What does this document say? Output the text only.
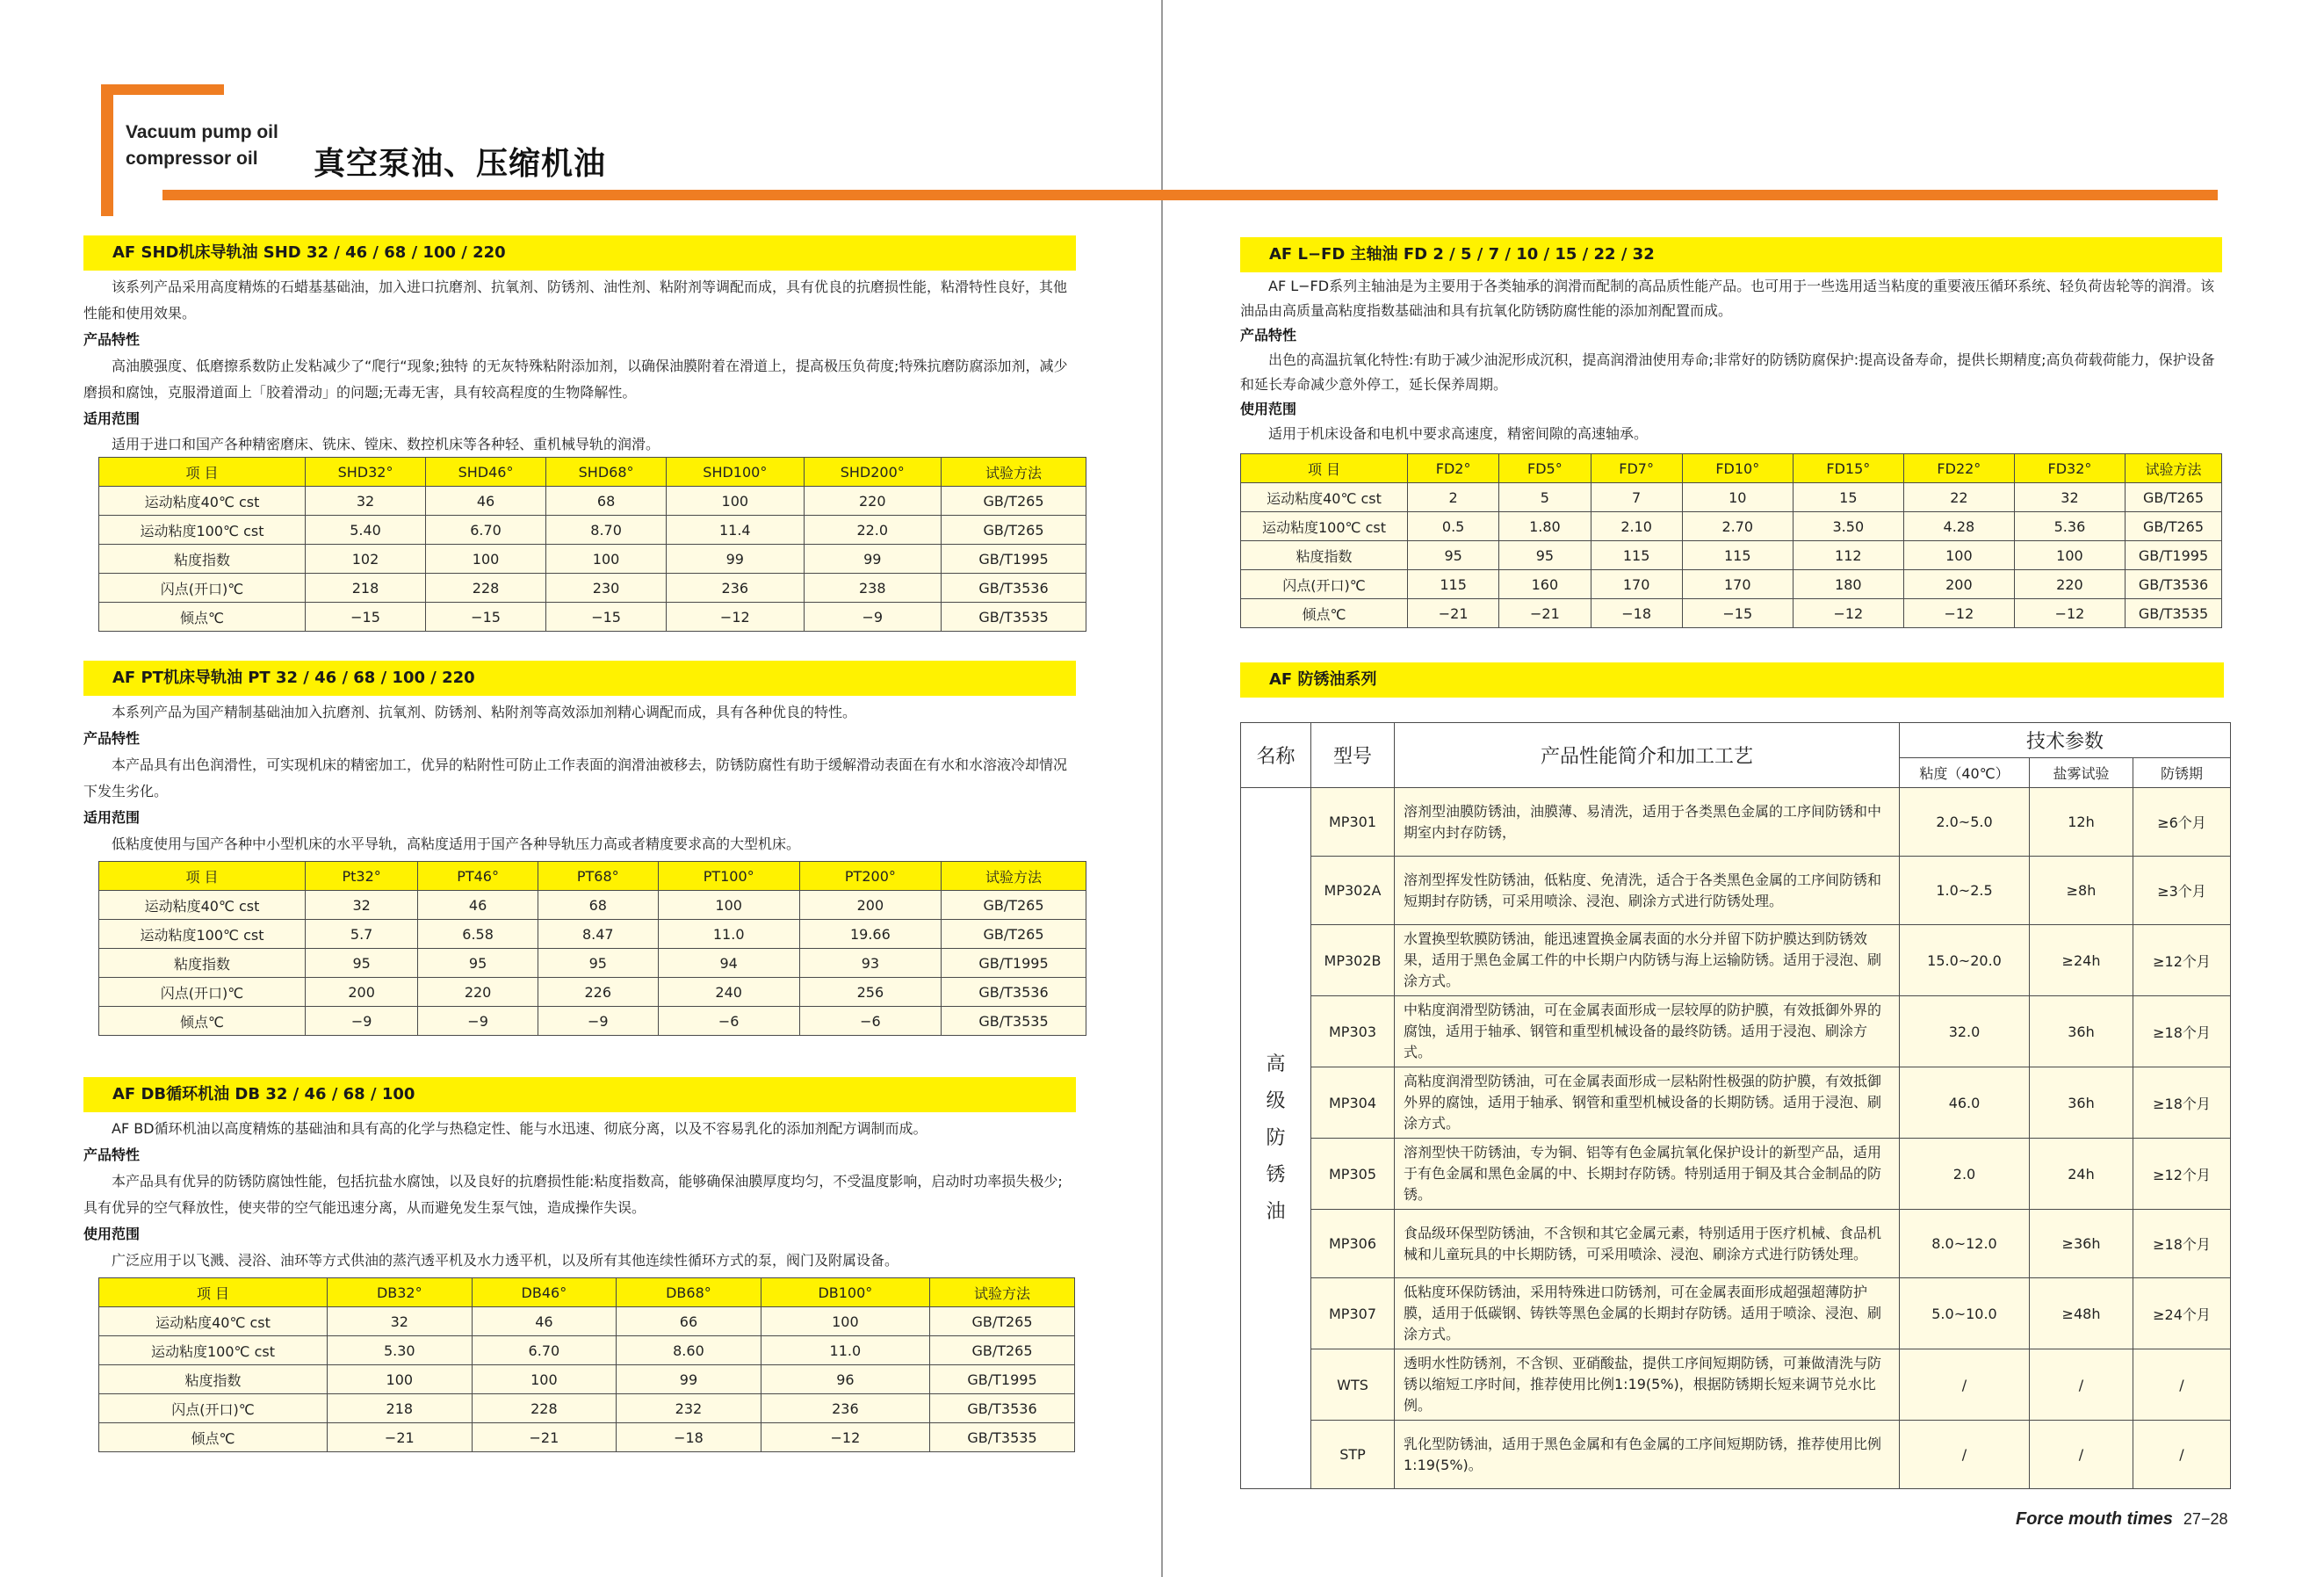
Vacuum pump oil
compressor oil	真空泵油、压缩机油
AF SHD机床导轨油 SHD 32 / 46 / 68 / 100 / 220

该系列产品采用高度精炼的石蜡基基础油，加入进口抗磨剂、抗氧剂、防锈剂、油性剂、粘附剂等调配而成，具有优良的抗磨损性能，粘滑特性良好，其他性能和使用效果。

产品特性

高油膜强度、低磨擦系数防止发粘减少了“爬行“现象;独特 的无灰特殊粘附添加剂，以确保油膜附着在滑道上，提高极压负荷度;特殊抗磨防腐添加剂，减少磨损和腐蚀，克服滑道面上「胶着滑动」的问题;无毒无害，具有较高程度的生物降解性。

适用范围

适用于进口和国产各种精密磨床、铣床、镗床、数控机床等各种轻、重机械导轨的润滑。

项 目	SHD32°	SHD46°	SHD68°	SHD100°	SHD200°	试验方法
运动粘度40℃ cst	32	46	68	100	220	GB/T265
运动粘度100℃ cst	5.40	6.70	8.70	11.4	22.0	GB/T265
粘度指数	102	100	100	99	99	GB/T1995
闪点(开口)℃	218	228	230	236	238	GB/T3536
倾点℃	−15	−15	−15	−12	−9	GB/T3535
AF PT机床导轨油 PT 32 / 46 / 68 / 100 / 220

本系列产品为国产精制基础油加入抗磨剂、抗氧剂、防锈剂、粘附剂等高效添加剂精心调配而成，具有各种优良的特性。

产品特性

本产品具有出色润滑性，可实现机床的精密加工，优异的粘附性可防止工作表面的润滑油被移去，防锈防腐性有助于缓解滑动表面在有水和水溶液冷却情况下发生劣化。

适用范围

低粘度使用与国产各种中小型机床的水平导轨，高粘度适用于国产各种导轨压力高或者精度要求高的大型机床。

项 目	Pt32°	PT46°	PT68°	PT100°	PT200°	试验方法
运动粘度40℃ cst	32	46	68	100	200	GB/T265
运动粘度100℃ cst	5.7	6.58	8.47	11.0	19.66	GB/T265
粘度指数	95	95	95	94	93	GB/T1995
闪点(开口)℃	200	220	226	240	256	GB/T3536
倾点℃	−9	−9	−9	−6	−6	GB/T3535
AF DB循环机油 DB 32 / 46 / 68 / 100

AF BD循环机油以高度精炼的基础油和具有高的化学与热稳定性、能与水迅速、彻底分离，以及不容易乳化的添加剂配方调制而成。

产品特性

本产品具有优异的防锈防腐蚀性能，包括抗盐水腐蚀，以及良好的抗磨损性能:粘度指数高，能够确保油膜厚度均匀，不受温度影响，启动时功率损失极少;具有优异的空气释放性，使夹带的空气能迅速分离，从而避免发生泵气蚀，造成操作失误。

使用范围

广泛应用于以飞溅、浸浴、油环等方式供油的蒸汽透平机及水力透平机，以及所有其他连续性循环方式的泵，阀门及附属设备。

项 目	DB32°	DB46°	DB68°	DB100°	试验方法
运动粘度40℃ cst	32	46	66	100	GB/T265
运动粘度100℃ cst	5.30	6.70	8.60	11.0	GB/T265
粘度指数	100	100	99	96	GB/T1995
闪点(开口)℃	218	228	232	236	GB/T3536
倾点℃	−21	−21	−18	−12	GB/T3535
AF L−FD 主轴油 FD 2 / 5 / 7 / 10 / 15 / 22 / 32

AF L−FD系列主轴油是为主要用于各类轴承的润滑而配制的高品质性能产品。也可用于一些选用适当粘度的重要液压循环系统、轻负荷齿轮等的润滑。该油品由高质量高粘度指数基础油和具有抗氧化防锈防腐性能的添加剂配置而成。

产品特性

出色的高温抗氧化特性:有助于减少油泥形成沉积，提高润滑油使用寿命;非常好的防锈防腐保护:提高设备寿命，提供长期精度;高负荷载荷能力，保护设备和延长寿命减少意外停工，延长保养周期。

使用范围

适用于机床设备和电机中要求高速度，精密间隙的高速轴承。

项 目	FD2°	FD5°	FD7°	FD10°	FD15°	FD22°	FD32°	试验方法
运动粘度40℃ cst	2	5	7	10	15	22	32	GB/T265
运动粘度100℃ cst	0.5	1.80	2.10	2.70	3.50	4.28	5.36	GB/T265
粘度指数	95	95	115	115	112	100	100	GB/T1995
闪点(开口)℃	115	160	170	170	180	200	220	GB/T3536
倾点℃	−21	−21	−18	−15	−12	−12	−12	GB/T3535
AF 防锈油系列
名称	型号	产品性能简介和加工工艺	技术参数		
			粘度（40℃）	盐雾试验	防锈期
高
级
防
锈
油	MP301	溶剂型油膜防锈油，油膜薄、易清洗，适用于各类黑色金属的工序间防锈和中期室内封存防锈，	2.0~5.0	12h	≥6个月
	MP302A	溶剂型挥发性防锈油，低粘度、免清洗，适合于各类黑色金属的工序间防锈和短期封存防锈，可采用喷涂、浸泡、刷涂方式进行防锈处理。	1.0~2.5	≥8h	≥3个月
	MP302B	水置换型软膜防锈油，能迅速置换金属表面的水分并留下防护膜达到防锈效果，适用于黑色金属工件的中长期户内防锈与海上运输防锈。适用于浸泡、刷涂方式。	15.0~20.0	≥24h	≥12个月
	MP303	中粘度润滑型防锈油，可在金属表面形成一层较厚的防护膜，有效抵御外界的腐蚀，适用于轴承、钢管和重型机械设备的最终防锈。适用于浸泡、刷涂方式。	32.0	36h	≥18个月
	MP304	高粘度润滑型防锈油，可在金属表面形成一层粘附性极强的防护膜，有效抵御外界的腐蚀，适用于轴承、钢管和重型机械设备的长期防锈。适用于浸泡、刷涂方式。	46.0	36h	≥18个月
	MP305	溶剂型快干防锈油，专为铜、铝等有色金属抗氧化保护设计的新型产品，适用于有色金属和黑色金属的中、长期封存防锈。特别适用于铜及其合金制品的防锈。	2.0	24h	≥12个月
	MP306	食品级环保型防锈油，不含钡和其它金属元素，特别适用于医疗机械、食品机械和儿童玩具的中长期防锈，可采用喷涂、浸泡、刷涂方式进行防锈处理。	8.0~12.0	≥36h	≥18个月
	MP307	低粘度环保防锈油，采用特殊进口防锈剂，可在金属表面形成超强超薄防护膜，适用于低碳钢、铸铁等黑色金属的长期封存防锈。适用于喷涂、浸泡、刷涂方式。	5.0~10.0	≥48h	≥24个月
	WTS	透明水性防锈剂，不含钡、亚硝酸盐，提供工序间短期防锈，可兼做清洗与防锈以缩短工序时间，推荐使用比例1:19(5%)，根据防锈期长短来调节兑水比例。	/	/	/
	STP	乳化型防锈油，适用于黑色金属和有色金属的工序间短期防锈，推荐使用比例1:19(5%)。	/	/	/
Force mouth times 27−28
